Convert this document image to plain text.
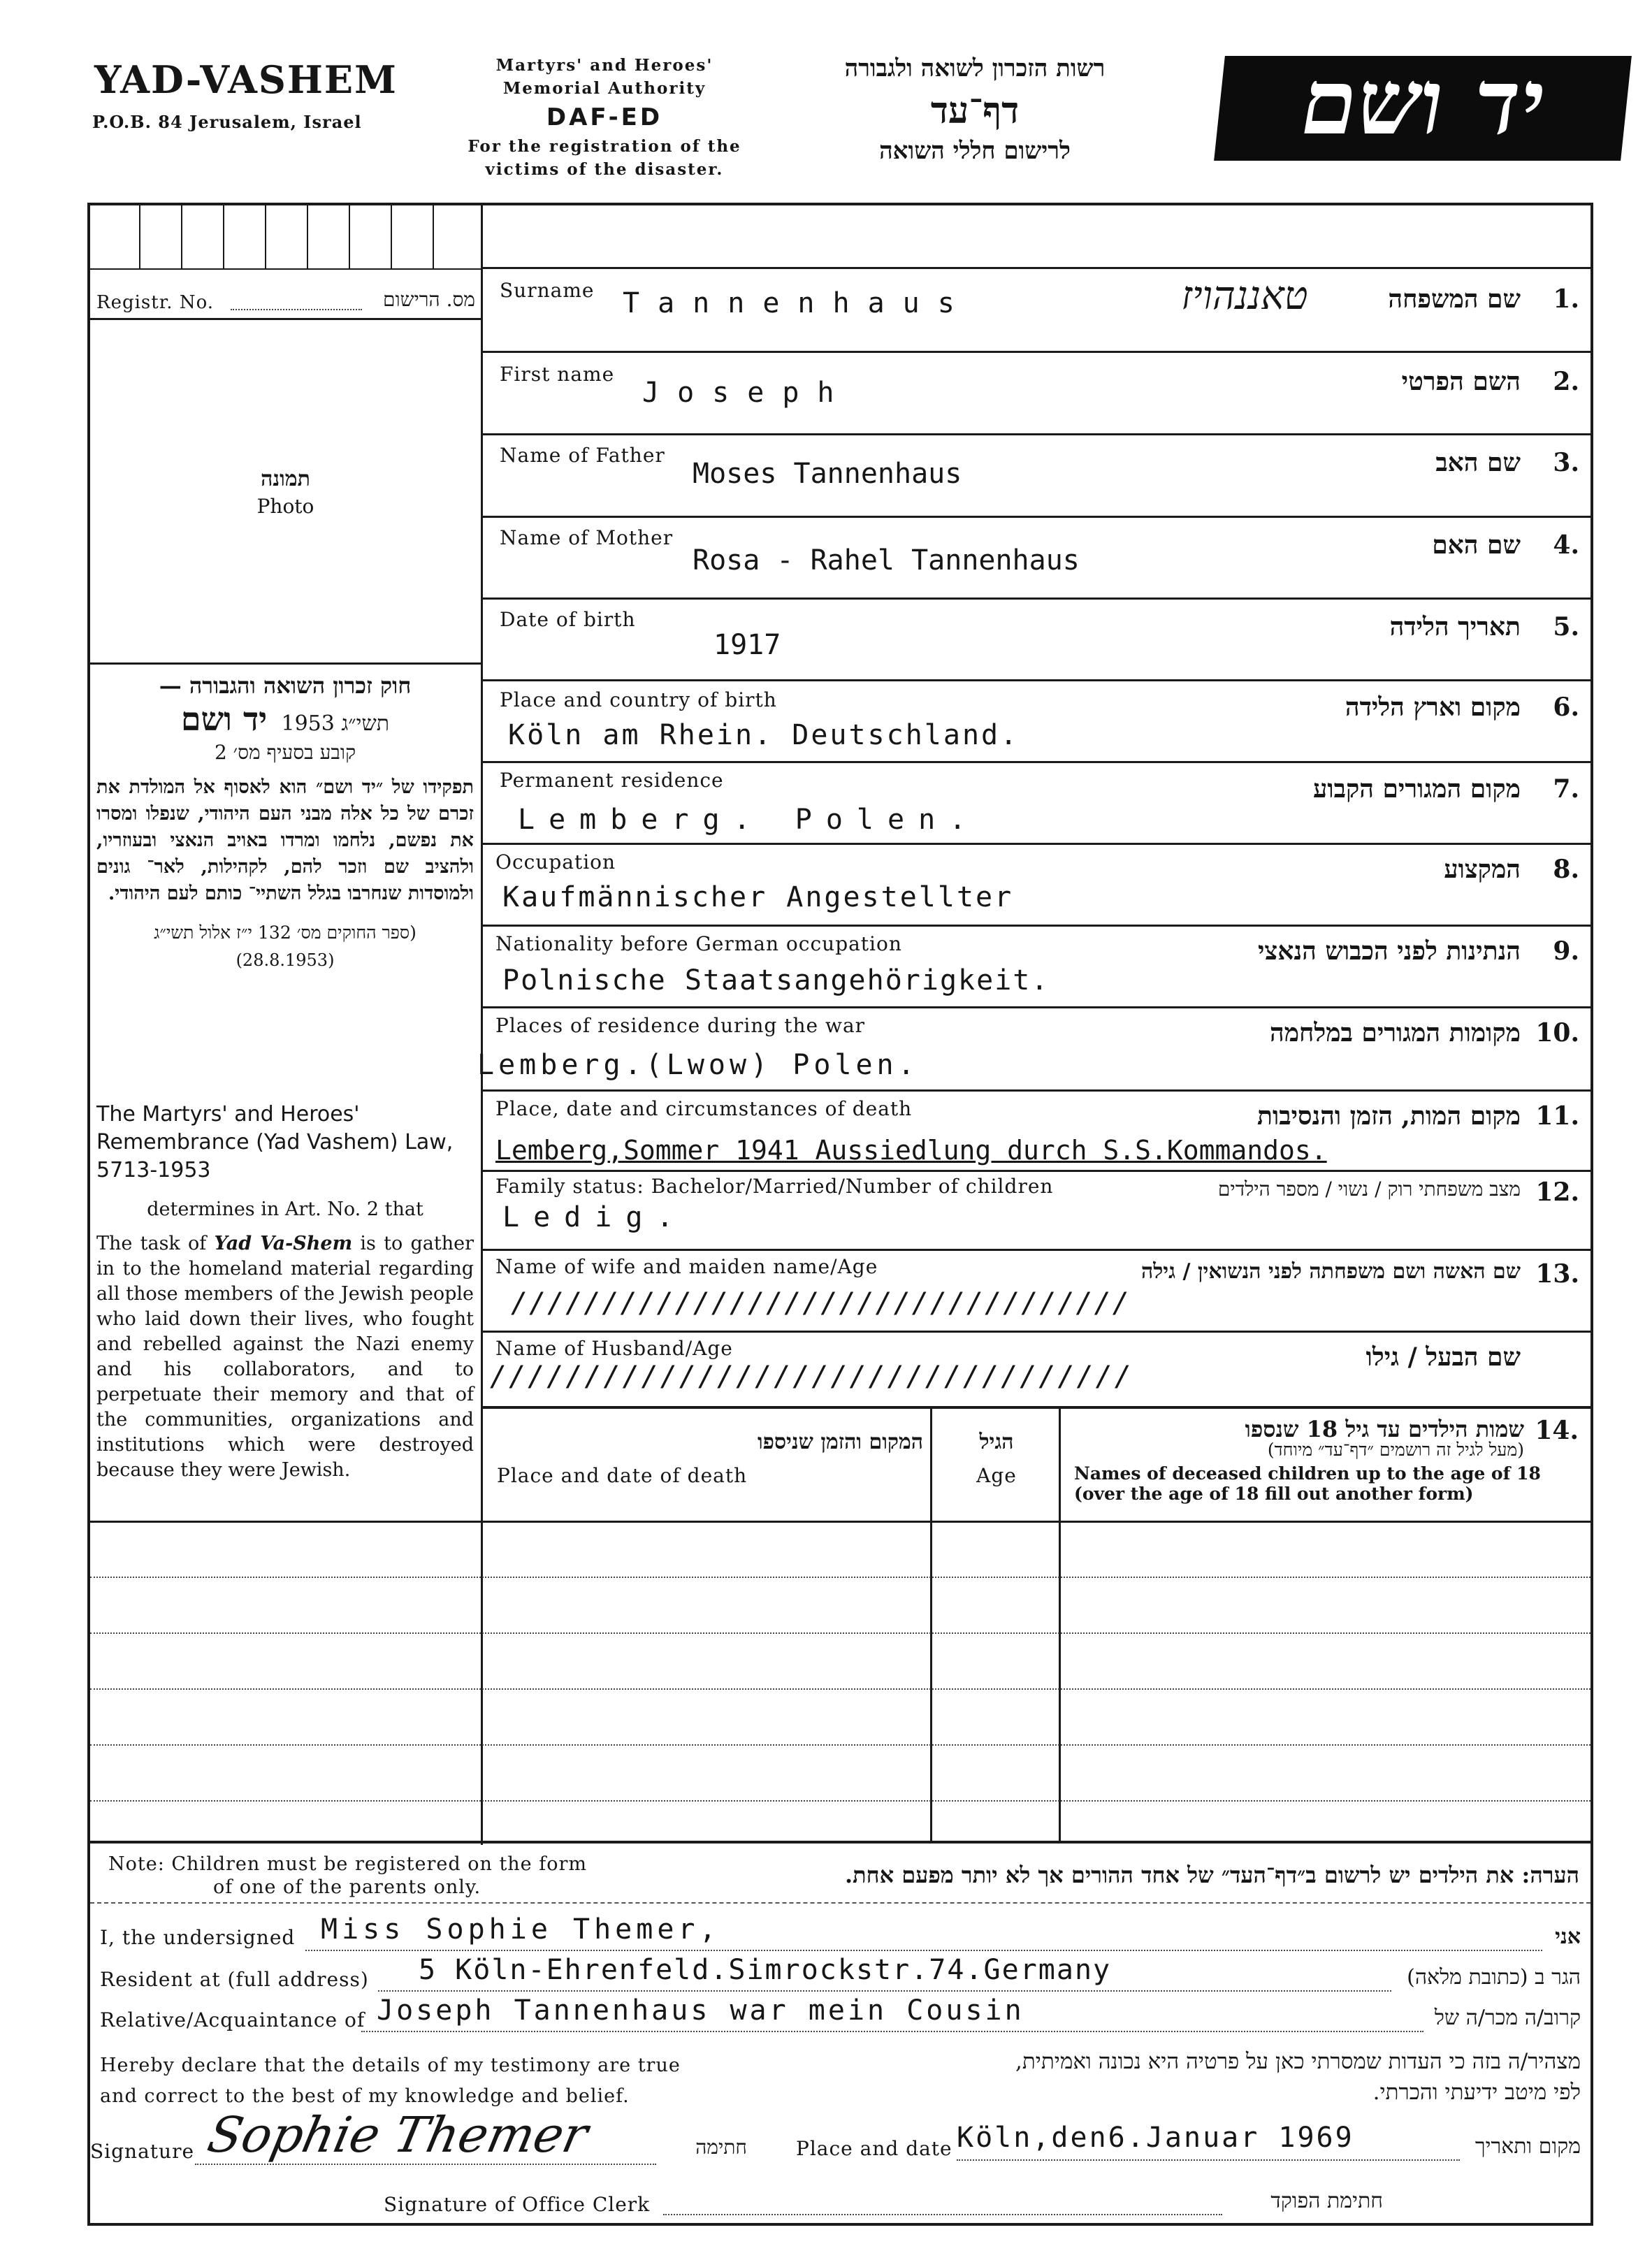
YAD-VASHEM
P.O.B. 84 Jerusalem, Israel
Martyrs' and Heroes'
Memorial Authority
DAF-ED
For the registration of the
victims of the disaster.
רשות הזכרון לשואה ולגבורה
דף־עד
לרישום חללי השואה	יד ושם
Registr. No.	מס. הרישום
תמונה
Photo
חוק זכרון השואה והגבורה —
תשי״ג 1953    יד ושם
קובע בסעיף מס׳ 2
תפקידו של ״יד ושם״ הוא לאסוף אל המולדת את זכרם של כל אלה מבני העם היהודי, שנפלו ומסרו את נפשם, נלחמו ומרדו באויב הנאצי ובעוזריו, ולהציב שם וזכר להם, לקהילות, לאר־ גונים ולמוסדות שנחרבו בגלל השתיי־ כותם לעם היהודי.
(ספר החוקים מס׳ 132 י״ז אלול תשי״ג
(28.8.1953)
The Martyrs' and Heroes' Remembrance (Yad Vashem) Law, 5713-1953
determines in Art. No. 2 that
The task of Yad Va-Shem is to gather in to the homeland material regarding all those members of the Jewish people who laid down their lives, who fought and rebelled against the Nazi enemy and his collaborators, and to perpetuate their memory and that of the communities, organizations and institutions which were destroyed because they were Jewish.
Surname Tannenhaus	טאננהויז	שם המשפחה 1.
First name
Joseph	השם הפרטי 2.
Name of Father
Moses Tannenhaus	שם האב 3.
Name of Mother
Rosa - Rahel Tannenhaus	שם האם 4.
Date of birth
1917
תאריך הלידה 5.
Place and country of birth
Köln am Rhein. Deutschland.
מקום וארץ הלידה 6.
Permanent residence
Lemberg. Polen.
מקום המגורים הקבוע 7.
Occupation
Kaufmännischer Angestellter
המקצוע 8.
Nationality before German occupation
Polnische Staatsangehörigkeit.
הנתינות לפני הכבוש הנאצי 9.
Places of residence during the war
Lemberg.(Lwow) Polen.
מקומות המגורים במלחמה 10.
Place, date and circumstances of death
Lemberg,Sommer 1941 Aussiedlung durch S.S.Kommandos.
מקום המות, הזמן והנסיבות 11.
Family status: Bachelor/Married/Number of children
Ledig.
מצב משפחתי רוק / נשוי / מספר הילדים 12.
Name of wife and maiden name/Age
//////////////////////////////////
שם האשה ושם משפחתה לפני הנשואין / גילה 13.
Name of Husband/Age
//////////////////////////////////
שם הבעל / גילו
המקום והזמן שניספו
Place and date of death
הגיל
Age
14.
שמות הילדים עד גיל 18 שנספו
(מעל לגיל זה רושמים ״דף־עד״ מיוחד)
Names of deceased children up to the age of 18
(over the age of 18 fill out another form)
Note: Children must be registered on the form
of one of the parents only.	הערה: את הילדים יש לרשום ב״דף־העד״ של אחד ההורים אך לא יותר מפעם אחת.
I, the undersigned Miss Sophie Themer,	אני
Resident at (full address) 5 Köln-Ehrenfeld.Simrockstr.74.Germany	הגר ב (כתובת מלאה)
Relative/Acquaintance of Joseph Tannenhaus war mein Cousin	קרוב/ה מכר/ה של
Hereby declare that the details of my testimony are true
and correct to the best of my knowledge and belief.
מצהיר/ה בזה כי העדות שמסרתי כאן על פרטיה היא נכונה ואמיתית,
לפי מיטב ידיעתי והכרתי.
Signature Sophie Themer	חתימה	Place and date Köln,den6.Januar 1969	מקום ותאריך
Signature of Office Clerk	חתימת הפוקד
